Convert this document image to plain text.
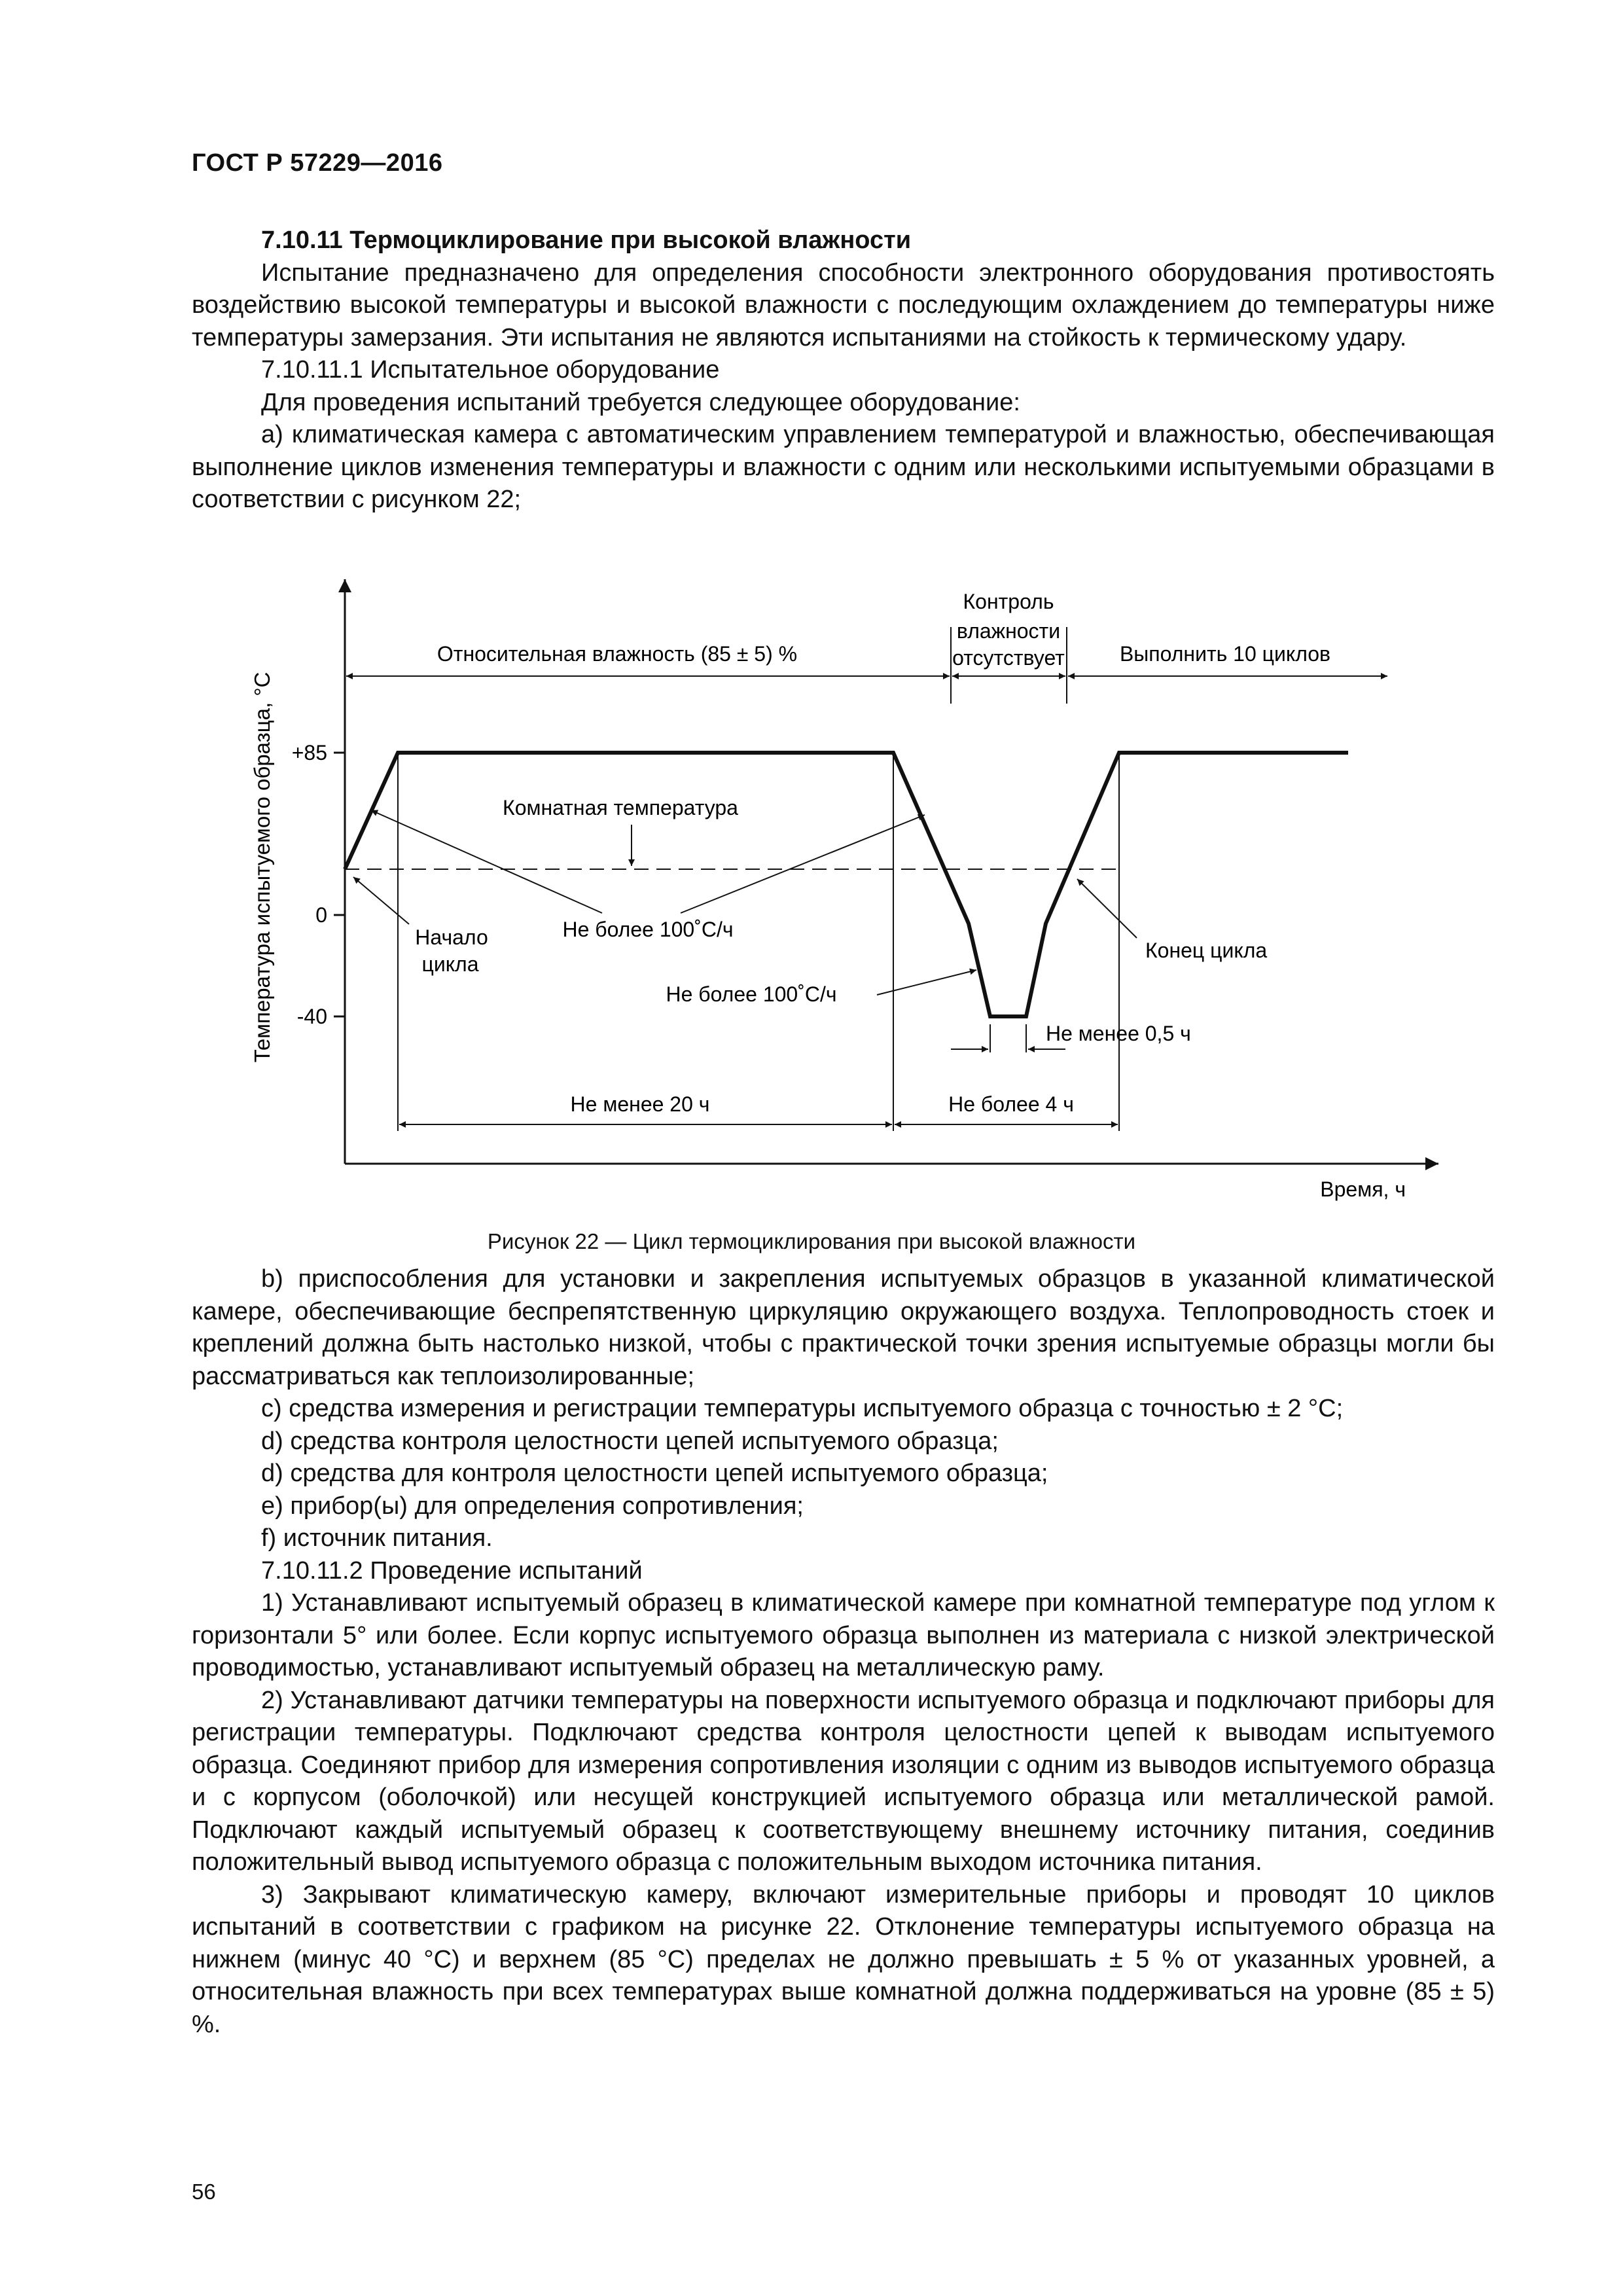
ГОСТ Р 57229—2016

7.10.11 Термоциклирование при высокой влажности

Испытание предназначено для определения способности электронного оборудования противостоять воздействию высокой температуры и высокой влажности с последующим охлаждением до температуры ниже температуры замерзания. Эти испытания не являются испытаниями на стойкость к термическому удару.

7.10.11.1 Испытательное оборудование

Для проведения испытаний требуется следующее оборудование:

а) климатическая камера с автоматическим управлением температурой и влажностью, обеспечивающая выполнение циклов изменения температуры и влажности с одним или несколькими испытуемыми образцами в соответствии с рисунком 22;

+85
0
-40
Температура испытуемого образца, °С
Время, ч
Относительная влажность (85 ± 5) %
Контроль
влажности
отсутствует	Выполнить 10 циклов
Комнатная температура
Не более 100˚С/ч
Не более 100˚С/ч
Начало
цикла
Конец цикла
Не менее 0,5 ч
Не менее 20 ч	Не более 4 ч
Рисунок 22 — Цикл термоциклирования при высокой влажности

b) приспособления для установки и закрепления испытуемых образцов в указанной климатической камере, обеспечивающие беспрепятственную циркуляцию окружающего воздуха. Теплопроводность стоек и креплений должна быть настолько низкой, чтобы с практической точки зрения испытуемые образцы могли бы рассматриваться как теплоизолированные;

c) средства измерения и регистрации температуры испытуемого образца с точностью ± 2 °С;

d) средства контроля целостности цепей испытуемого образца;

d) средства для контроля целостности цепей испытуемого образца;

e) прибор(ы) для определения сопротивления;

f) источник питания.

7.10.11.2 Проведение испытаний

1) Устанавливают испытуемый образец в климатической камере при комнатной температуре под углом к горизонтали 5° или более. Если корпус испытуемого образца выполнен из материала с низкой электрической проводимостью, устанавливают испытуемый образец на металлическую раму.

2) Устанавливают датчики температуры на поверхности испытуемого образца и подключают приборы для регистрации температуры. Подключают средства контроля целостности цепей к выводам испытуемого образца. Соединяют прибор для измерения сопротивления изоляции с одним из выводов испытуемого образца и с корпусом (оболочкой) или несущей конструкцией испытуемого образца или металлической рамой. Подключают каждый испытуемый образец к соответствующему внешнему источнику питания, соединив положительный вывод испытуемого образца с положительным выходом источника питания.

3) Закрывают климатическую камеру, включают измерительные приборы и проводят 10 циклов испытаний в соответствии с графиком на рисунке 22. Отклонение температуры испытуемого образца на нижнем (минус 40 °С) и верхнем (85 °С) пределах не должно превышать ± 5 % от указанных уровней, а относительная влажность при всех температурах выше комнатной должна поддерживаться на уровне (85 ± 5) %.

56
